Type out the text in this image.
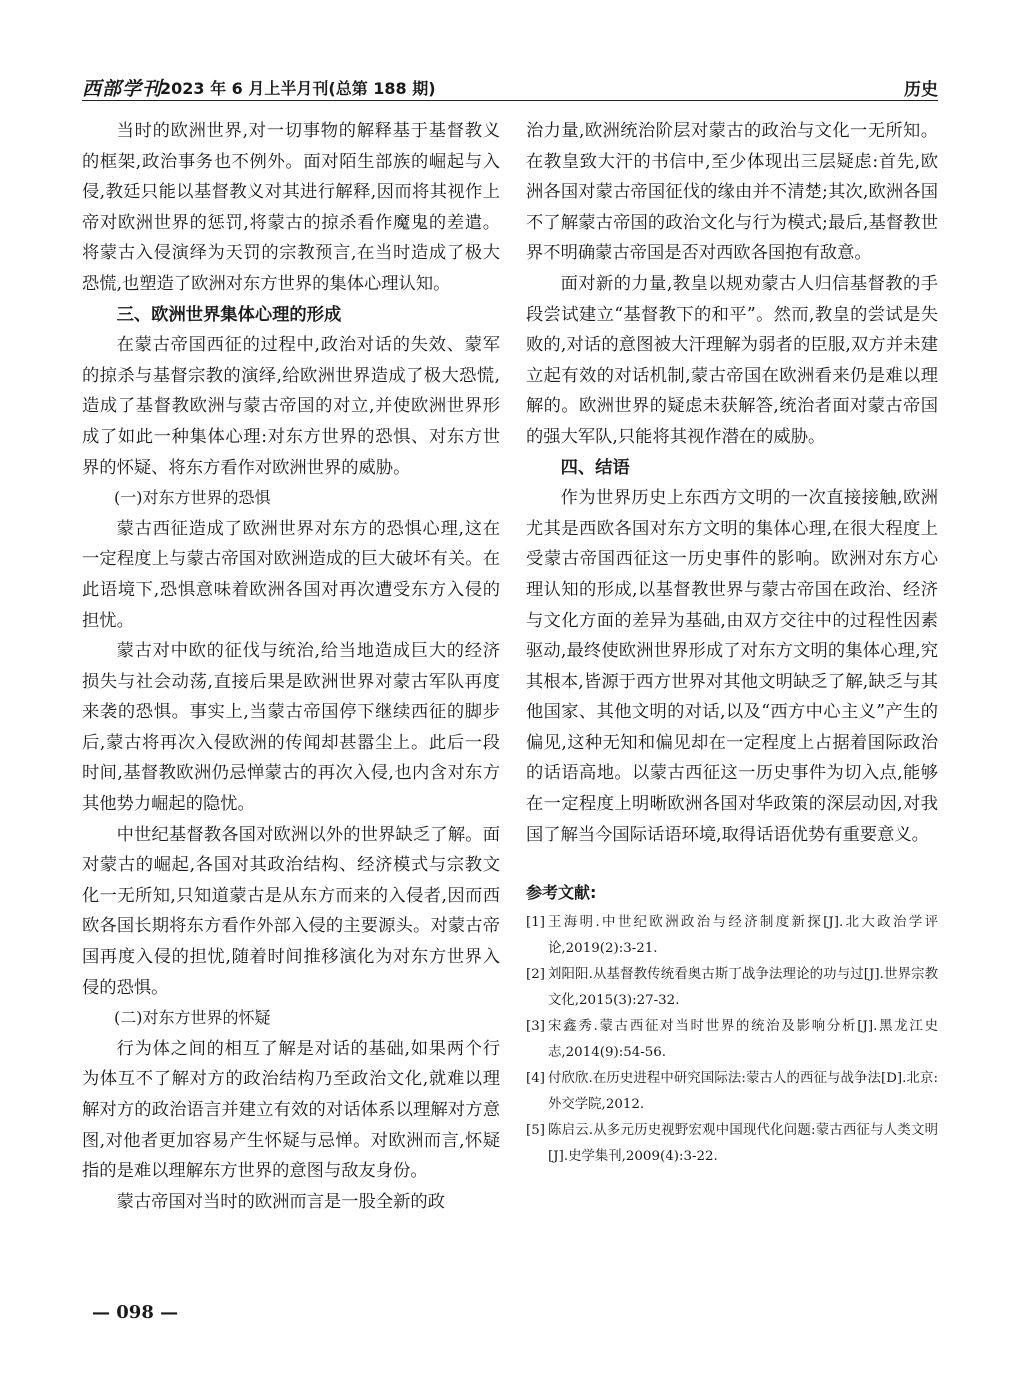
西部学刊
2023 年 6 月上半月刊(总第 188 期)	历史

当时的欧洲世界,对一切事物的解释基于基督教义的框架,政治事务也不例外。面对陌生部族的崛起与入侵,教廷只能以基督教义对其进行解释,因而将其视作上帝对欧洲世界的惩罚,将蒙古的掠杀看作魔鬼的差遣。将蒙古入侵演绎为天罚的宗教预言,在当时造成了极大恐慌,也塑造了欧洲对东方世界的集体心理认知。

三、欧洲世界集体心理的形成

在蒙古帝国西征的过程中,政治对话的失效、蒙军的掠杀与基督宗教的演绎,给欧洲世界造成了极大恐慌,造成了基督教欧洲与蒙古帝国的对立,并使欧洲世界形成了如此一种集体心理:对东方世界的恐惧、对东方世界的怀疑、将东方看作对欧洲世界的威胁。

(一)对东方世界的恐惧

蒙古西征造成了欧洲世界对东方的恐惧心理,这在一定程度上与蒙古帝国对欧洲造成的巨大破坏有关。在此语境下,恐惧意味着欧洲各国对再次遭受东方入侵的担忧。

蒙古对中欧的征伐与统治,给当地造成巨大的经济损失与社会动荡,直接后果是欧洲世界对蒙古军队再度来袭的恐惧。事实上,当蒙古帝国停下继续西征的脚步后,蒙古将再次入侵欧洲的传闻却甚嚣尘上。此后一段时间,基督教欧洲仍忌惮蒙古的再次入侵,也内含对东方其他势力崛起的隐忧。

中世纪基督教各国对欧洲以外的世界缺乏了解。面对蒙古的崛起,各国对其政治结构、经济模式与宗教文化一无所知,只知道蒙古是从东方而来的入侵者,因而西欧各国长期将东方看作外部入侵的主要源头。对蒙古帝国再度入侵的担忧,随着时间推移演化为对东方世界入侵的恐惧。

(二)对东方世界的怀疑

行为体之间的相互了解是对话的基础,如果两个行为体互不了解对方的政治结构乃至政治文化,就难以理解对方的政治语言并建立有效的对话体系以理解对方意图,对他者更加容易产生怀疑与忌惮。对欧洲而言,怀疑指的是难以理解东方世界的意图与敌友身份。

蒙古帝国对当时的欧洲而言是一股全新的政

治力量,欧洲统治阶层对蒙古的政治与文化一无所知。在教皇致大汗的书信中,至少体现出三层疑虑:首先,欧洲各国对蒙古帝国征伐的缘由并不清楚;其次,欧洲各国不了解蒙古帝国的政治文化与行为模式;最后,基督教世界不明确蒙古帝国是否对西欧各国抱有敌意。

面对新的力量,教皇以规劝蒙古人归信基督教的手段尝试建立“基督教下的和平”。然而,教皇的尝试是失败的,对话的意图被大汗理解为弱者的臣服,双方并未建立起有效的对话机制,蒙古帝国在欧洲看来仍是难以理解的。欧洲世界的疑虑未获解答,统治者面对蒙古帝国的强大军队,只能将其视作潜在的威胁。

四、结语

作为世界历史上东西方文明的一次直接接触,欧洲尤其是西欧各国对东方文明的集体心理,在很大程度上受蒙古帝国西征这一历史事件的影响。欧洲对东方心理认知的形成,以基督教世界与蒙古帝国在政治、经济与文化方面的差异为基础,由双方交往中的过程性因素驱动,最终使欧洲世界形成了对东方文明的集体心理,究其根本,皆源于西方世界对其他文明缺乏了解,缺乏与其他国家、其他文明的对话,以及“西方中心主义”产生的偏见,这种无知和偏见却在一定程度上占据着国际政治的话语高地。以蒙古西征这一历史事件为切入点,能够在一定程度上明晰欧洲各国对华政策的深层动因,对我国了解当今国际话语环境,取得话语优势有重要意义。

参考文献:
[1] 王海明.中世纪欧洲政治与经济制度新探[J].北大政治学评论,2019(2):3-21.
[2] 刘阳阳.从基督教传统看奥古斯丁战争法理论的功与过[J].世界宗教文化,2015(3):27-32.
[3] 宋鑫秀.蒙古西征对当时世界的统治及影响分析[J].黑龙江史志,2014(9):54-56.
[4] 付欣欣.在历史进程中研究国际法:蒙古人的西征与战争法[D].北京:外交学院,2012.
[5] 陈启云.从多元历史视野宏观中国现代化问题:蒙古西征与人类文明[J].史学集刊,2009(4):3-22.
— 098 —
